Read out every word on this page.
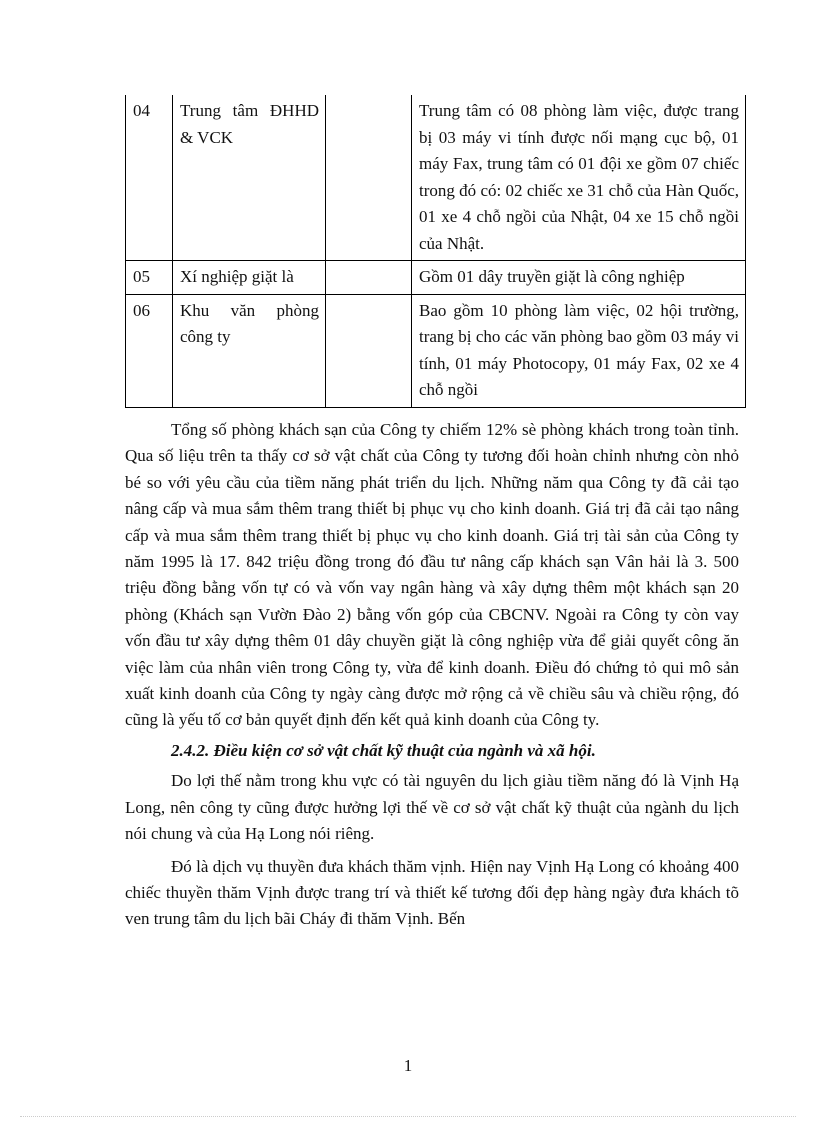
04	Trung tâm ĐHHD & VCK		Trung tâm có 08 phòng làm việc, được trang bị 03 máy vi tính được nối mạng cục bộ, 01 máy Fax, trung tâm có 01 đội xe gồm 07 chiếc trong đó có: 02 chiếc xe 31 chỗ của Hàn Quốc, 01 xe 4 chỗ ngồi của Nhật, 04 xe 15 chỗ ngồi của Nhật.
05	Xí nghiệp giặt là		Gồm 01 dây truyền giặt là công nghiệp
06	Khu văn phòng công ty		Bao gồm 10 phòng làm việc, 02 hội trường, trang bị cho các văn phòng bao gồm 03 máy vi tính, 01 máy Photocopy, 01 máy Fax, 02 xe 4 chỗ ngồi

Tổng số phòng khách sạn của Công ty chiếm 12% sè phòng khách trong toàn tỉnh. Qua số liệu trên ta thấy cơ sở vật chất của Công ty tương đối hoàn chỉnh nhưng còn nhỏ bé so với yêu cầu của tiềm năng phát triển du lịch. Những năm qua Công ty đã cải tạo nâng cấp và mua sắm thêm trang thiết bị phục vụ cho kinh doanh. Giá trị đã cải tạo nâng cấp và mua sắm thêm trang thiết bị phục vụ cho kinh doanh. Giá trị tài sản của Công ty năm 1995 là 17. 842 triệu đồng trong đó đầu tư nâng cấp khách sạn Vân hải là 3. 500 triệu đồng bằng vốn tự có và vốn vay ngân hàng và xây dựng thêm một khách sạn 20 phòng (Khách sạn Vườn Đào 2) bằng vốn góp của CBCNV. Ngoài ra Công ty còn vay vốn đầu tư xây dựng thêm 01 dây chuyền giặt là công nghiệp vừa để giải quyết công ăn việc làm của nhân viên trong Công ty, vừa để kinh doanh. Điều đó chứng tỏ qui mô sản xuất kinh doanh của Công ty ngày càng được mở rộng cả về chiều sâu và chiều rộng, đó cũng là yếu tố cơ bản quyết định đến kết quả kinh doanh của Công ty.

2.4.2. Điều kiện cơ sở vật chất kỹ thuật của ngành và xã hội.

Do lợi thế nằm trong khu vực có tài nguyên du lịch giàu tiềm năng đó là Vịnh Hạ Long, nên công ty cũng được hưởng lợi thế về cơ sở vật chất kỹ thuật của ngành du lịch nói chung và của Hạ Long nói riêng.

Đó là dịch vụ thuyền đưa khách thăm vịnh. Hiện nay Vịnh Hạ Long có khoảng 400 chiếc thuyền thăm Vịnh được trang trí và thiết kế tương đối đẹp hàng ngày đưa khách tõ ven trung tâm du lịch bãi Cháy đi thăm Vịnh. Bến

1
